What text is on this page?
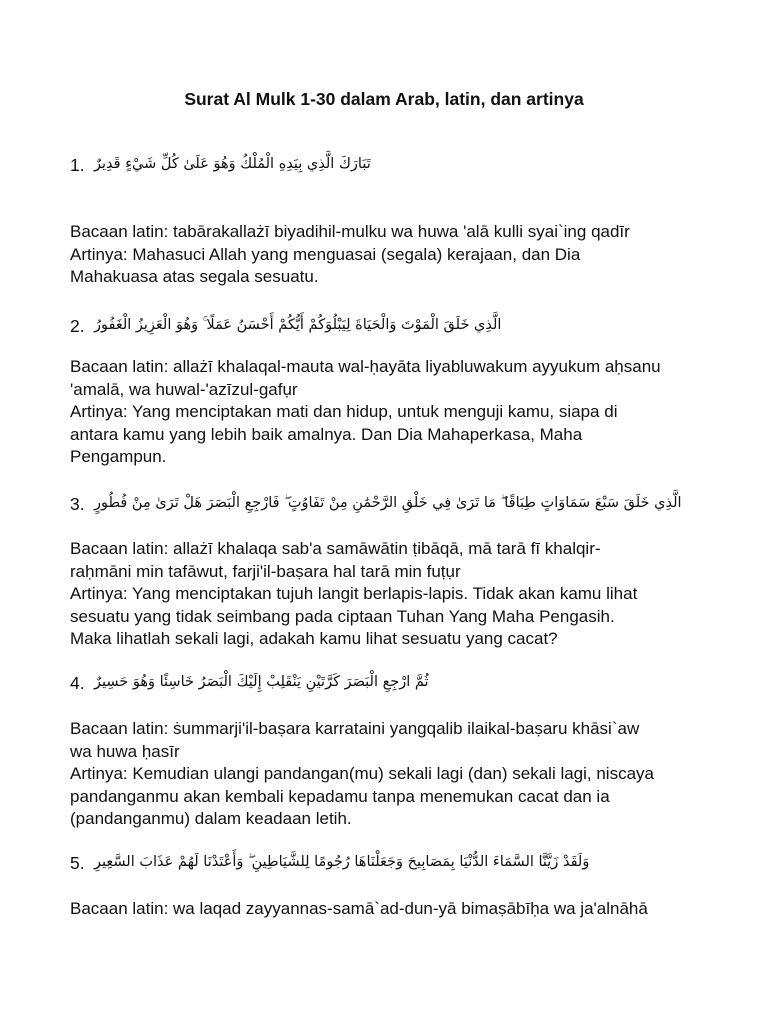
Surat Al Mulk 1-30 dalam Arab, latin, dan artinya
1. تَبَارَكَ الَّذِي بِيَدِهِ الْمُلْكُ وَهُوَ عَلَىٰ كُلِّ شَيْءٍ قَدِيرٌ
Bacaan latin: tabārakallażī biyadihil-mulku wa huwa 'alā kulli syai`ing qadīr
Artinya: Mahasuci Allah yang menguasai (segala) kerajaan, dan Dia
Mahakuasa atas segala sesuatu.
2. الَّذِي خَلَقَ الْمَوْتَ وَالْحَيَاةَ لِيَبْلُوَكُمْ أَيُّكُمْ أَحْسَنُ عَمَلًا ۚ وَهُوَ الْعَزِيزُ الْغَفُورُ
Bacaan latin: allażī khalaqal-mauta wal-ḥayāta liyabluwakum ayyukum aḥsanu
'amalā, wa huwal-'azīzul-gafụr
Artinya: Yang menciptakan mati dan hidup, untuk menguji kamu, siapa di
antara kamu yang lebih baik amalnya. Dan Dia Mahaperkasa, Maha
Pengampun.
3. الَّذِي خَلَقَ سَبْعَ سَمَاوَاتٍ طِبَاقًا ۖ مَا تَرَىٰ فِي خَلْقِ الرَّحْمَٰنِ مِنْ تَفَاوُتٍ ۖ فَارْجِعِ الْبَصَرَ هَلْ تَرَىٰ مِنْ فُطُورٍ
Bacaan latin: allażī khalaqa sab'a samāwātin ṭibāqā, mā tarā fī khalqir-
raḥmāni min tafāwut, farji'il-baṣara hal tarā min fuṭụr
Artinya: Yang menciptakan tujuh langit berlapis-lapis. Tidak akan kamu lihat
sesuatu yang tidak seimbang pada ciptaan Tuhan Yang Maha Pengasih.
Maka lihatlah sekali lagi, adakah kamu lihat sesuatu yang cacat?
4. ثُمَّ ارْجِعِ الْبَصَرَ كَرَّتَيْنِ يَنْقَلِبْ إِلَيْكَ الْبَصَرُ خَاسِئًا وَهُوَ حَسِيرٌ
Bacaan latin: ṡummarji'il-baṣara karrataini yangqalib ilaikal-baṣaru khāsi`aw
wa huwa ḥasīr
Artinya: Kemudian ulangi pandangan(mu) sekali lagi (dan) sekali lagi, niscaya
pandanganmu akan kembali kepadamu tanpa menemukan cacat dan ia
(pandanganmu) dalam keadaan letih.
5. وَلَقَدْ زَيَّنَّا السَّمَاءَ الدُّنْيَا بِمَصَابِيحَ وَجَعَلْنَاهَا رُجُومًا لِلشَّيَاطِينِ ۖ وَأَعْتَدْنَا لَهُمْ عَذَابَ السَّعِيرِ
Bacaan latin: wa laqad zayyannas-samā`ad-dun-yā bimaṣābīḥa wa ja'alnāhā
